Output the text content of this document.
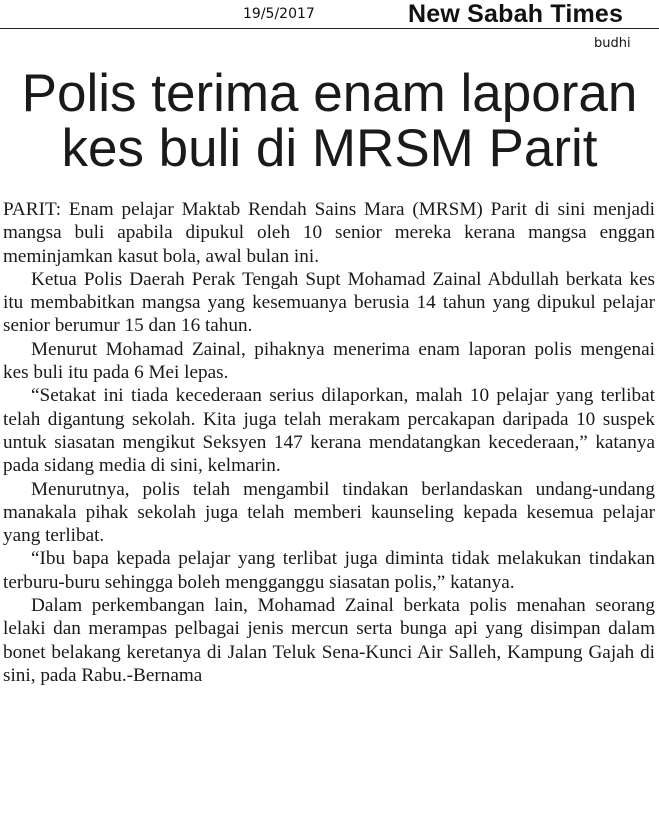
19/5/2017	New Sabah Times
budhi
Polis terima enam laporan
kes buli di MRSM Parit

PARIT: Enam pelajar Maktab Rendah Sains Mara (MRSM) Parit di sini menjadi mangsa buli apabila dipukul oleh 10 senior mereka kerana mangsa enggan meminjamkan kasut bola, awal bulan ini.

Ketua Polis Daerah Perak Tengah Supt Mohamad Zainal Abdullah berkata kes itu membabitkan mangsa yang kesemuanya berusia 14 tahun yang dipukul pelajar senior berumur 15 dan 16 tahun.

Menurut Mohamad Zainal, pihaknya menerima enam laporan polis mengenai kes buli itu pada 6 Mei lepas.

“Setakat ini tiada kecederaan serius dilaporkan, malah 10 pelajar yang terlibat telah digantung sekolah. Kita juga telah merakam percakapan daripada 10 suspek untuk siasatan mengikut Seksyen 147 kerana mendatangkan kecederaan,” katanya pada sidang media di sini, kelmarin.

Menurutnya, polis telah mengambil tindakan berlandaskan undang-undang manakala pihak sekolah juga telah memberi kaunseling kepada kesemua pelajar yang terlibat.

“Ibu bapa kepada pelajar yang terlibat juga diminta tidak melakukan tindakan terburu-buru sehingga boleh mengganggu siasatan polis,” katanya.

Dalam perkembangan lain, Mohamad Zainal berkata polis menahan seorang lelaki dan merampas pelbagai jenis mercun serta bunga api yang disimpan dalam bonet belakang keretanya di Jalan Teluk Sena-Kunci Air Salleh, Kampung Gajah di sini, pada Rabu.-Bernama
